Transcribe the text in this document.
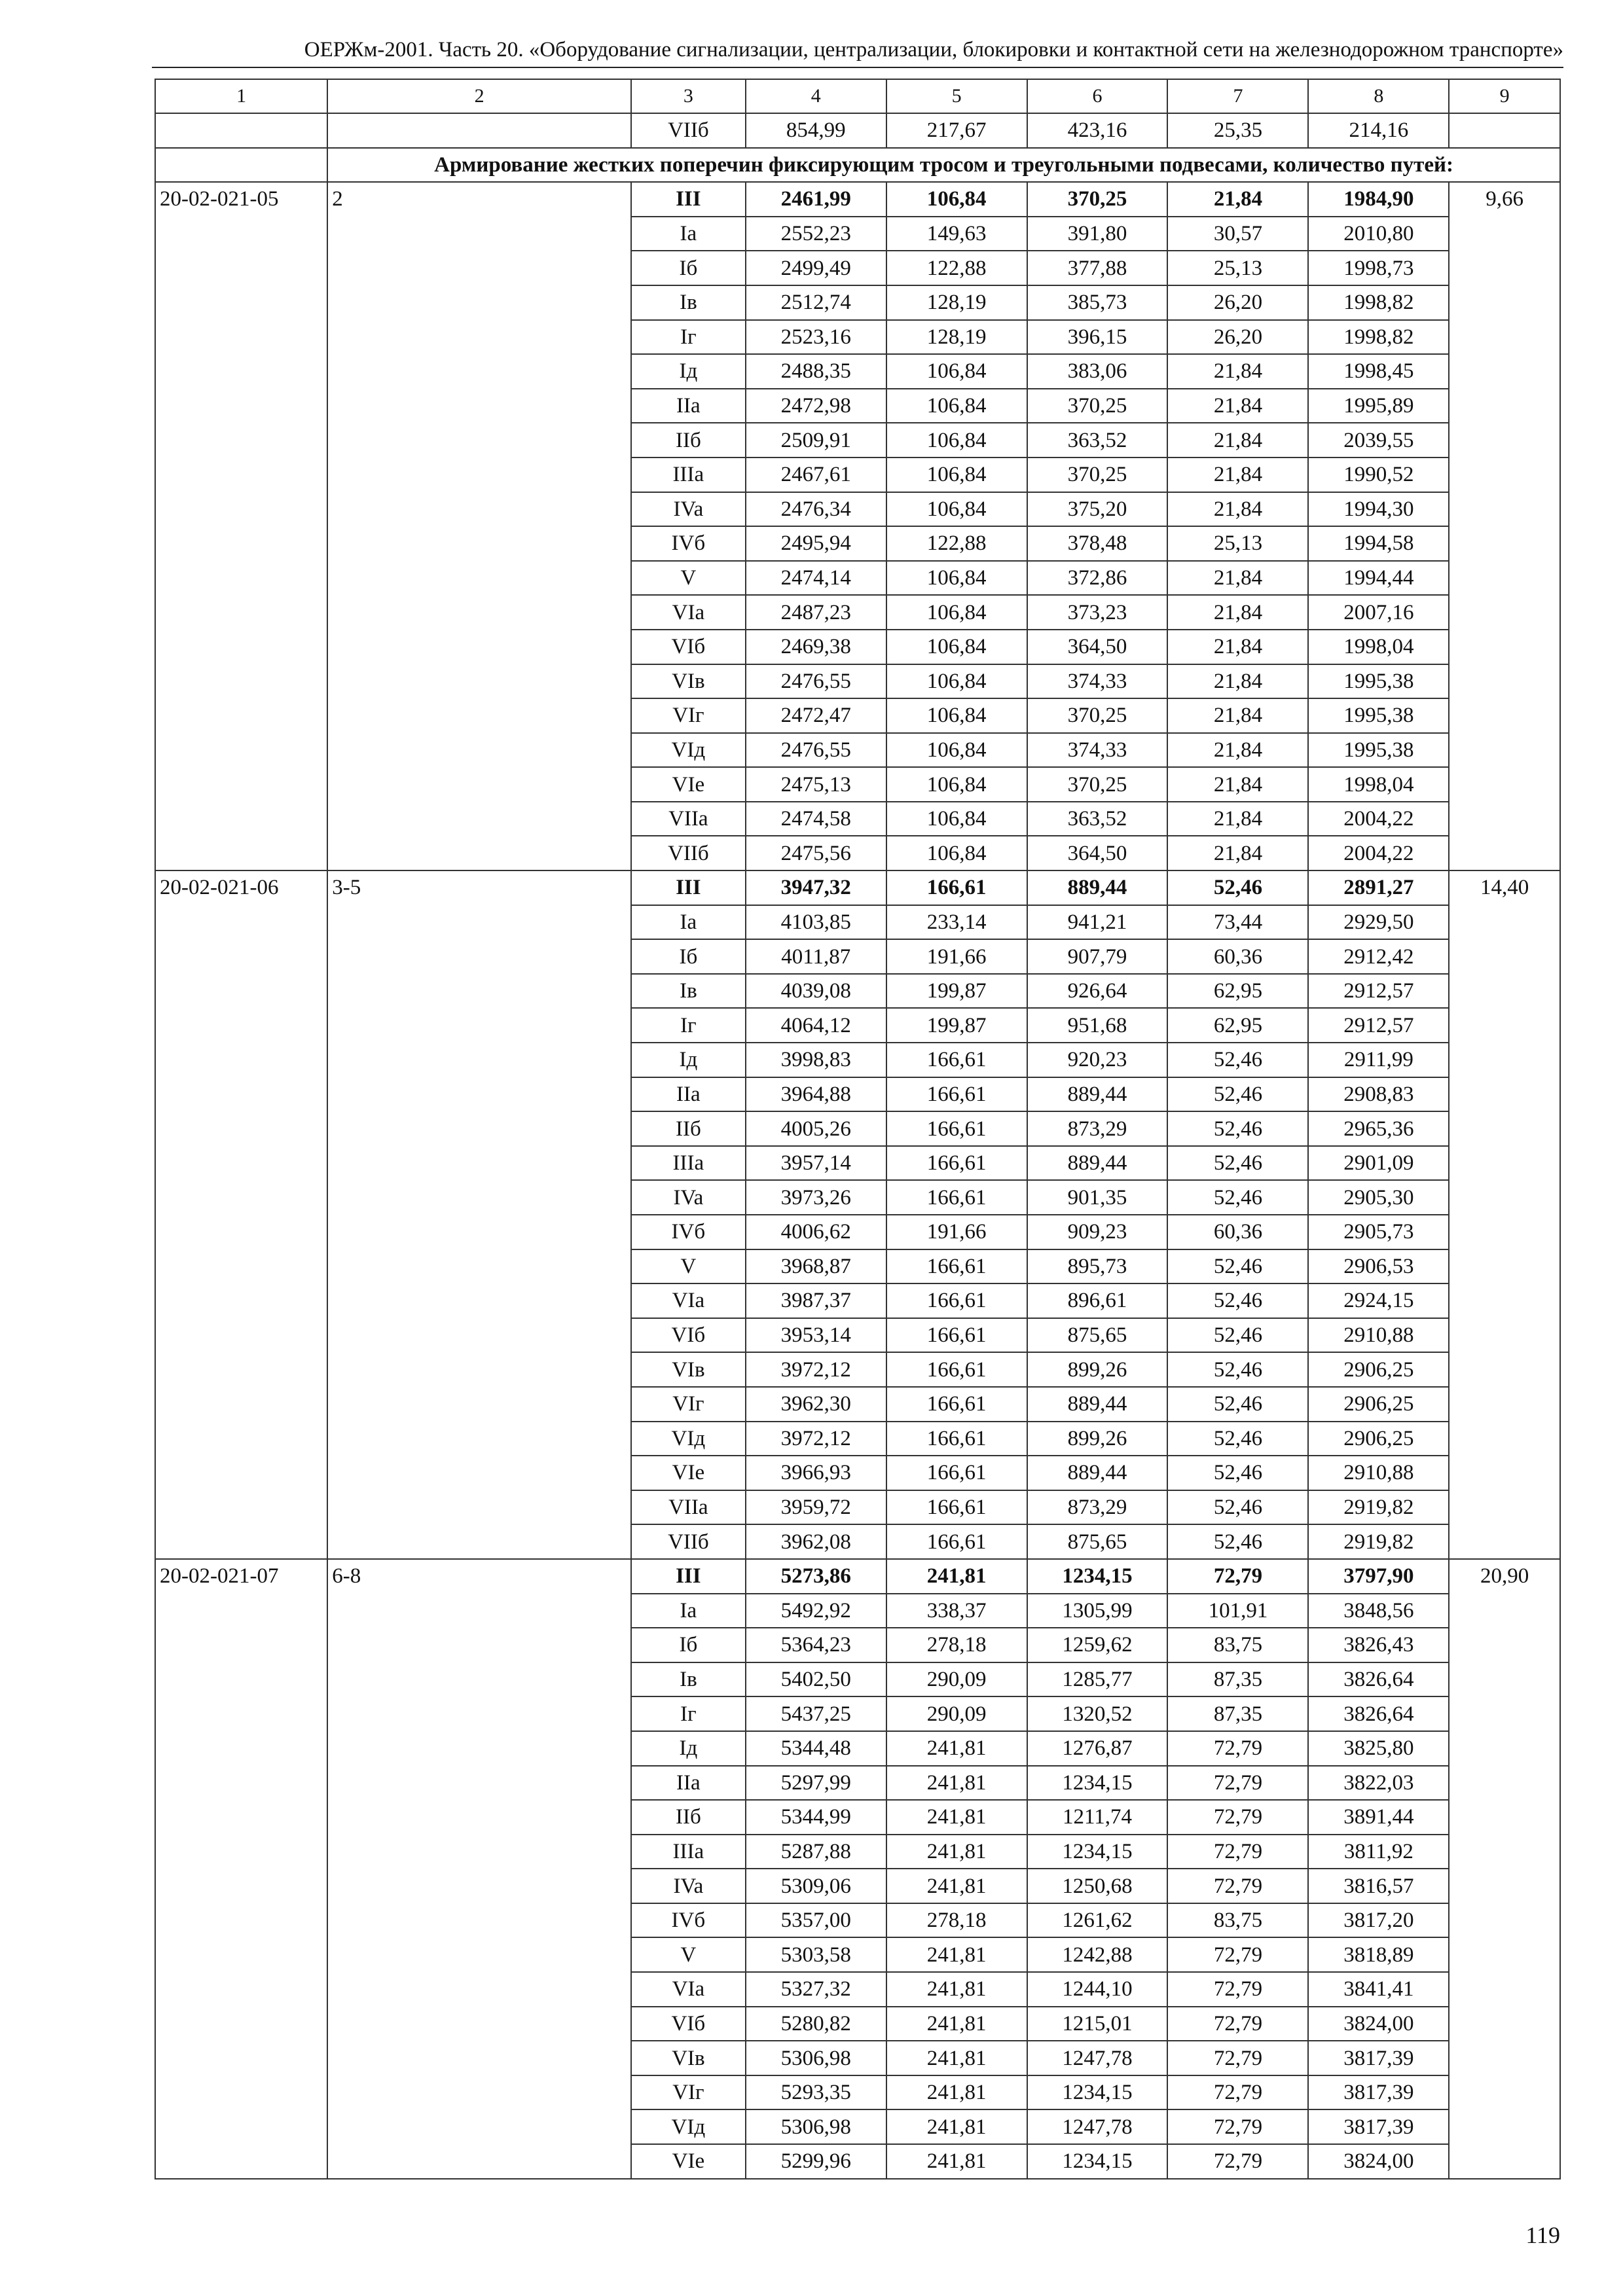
ОЕРЖм-2001. Часть 20. «Оборудование сигнализации, централизации, блокировки и контактной сети на железнодорожном транспорте»
1	2	3	4	5	6	7	8	9
		VIIб	854,99	217,67	423,16	25,35	214,16	
	Армирование жестких поперечин фиксирующим тросом и треугольными подвесами, количество путей:							
20-02-021-05	2	III	2461,99	106,84	370,25	21,84	1984,90	9,66
		Ia	2552,23	149,63	391,80	30,57	2010,80	
		Iб	2499,49	122,88	377,88	25,13	1998,73	
		Iв	2512,74	128,19	385,73	26,20	1998,82	
		Iг	2523,16	128,19	396,15	26,20	1998,82	
		Iд	2488,35	106,84	383,06	21,84	1998,45	
		IIa	2472,98	106,84	370,25	21,84	1995,89	
		IIб	2509,91	106,84	363,52	21,84	2039,55	
		IIIa	2467,61	106,84	370,25	21,84	1990,52	
		IVa	2476,34	106,84	375,20	21,84	1994,30	
		IVб	2495,94	122,88	378,48	25,13	1994,58	
		V	2474,14	106,84	372,86	21,84	1994,44	
		VIa	2487,23	106,84	373,23	21,84	2007,16	
		VIб	2469,38	106,84	364,50	21,84	1998,04	
		VIв	2476,55	106,84	374,33	21,84	1995,38	
		VIг	2472,47	106,84	370,25	21,84	1995,38	
		VIд	2476,55	106,84	374,33	21,84	1995,38	
		VIe	2475,13	106,84	370,25	21,84	1998,04	
		VIIa	2474,58	106,84	363,52	21,84	2004,22	
		VIIб	2475,56	106,84	364,50	21,84	2004,22	
20-02-021-06	3-5	III	3947,32	166,61	889,44	52,46	2891,27	14,40
		Ia	4103,85	233,14	941,21	73,44	2929,50	
		Iб	4011,87	191,66	907,79	60,36	2912,42	
		Iв	4039,08	199,87	926,64	62,95	2912,57	
		Iг	4064,12	199,87	951,68	62,95	2912,57	
		Iд	3998,83	166,61	920,23	52,46	2911,99	
		IIa	3964,88	166,61	889,44	52,46	2908,83	
		IIб	4005,26	166,61	873,29	52,46	2965,36	
		IIIa	3957,14	166,61	889,44	52,46	2901,09	
		IVa	3973,26	166,61	901,35	52,46	2905,30	
		IVб	4006,62	191,66	909,23	60,36	2905,73	
		V	3968,87	166,61	895,73	52,46	2906,53	
		VIa	3987,37	166,61	896,61	52,46	2924,15	
		VIб	3953,14	166,61	875,65	52,46	2910,88	
		VIв	3972,12	166,61	899,26	52,46	2906,25	
		VIг	3962,30	166,61	889,44	52,46	2906,25	
		VIд	3972,12	166,61	899,26	52,46	2906,25	
		VIe	3966,93	166,61	889,44	52,46	2910,88	
		VIIa	3959,72	166,61	873,29	52,46	2919,82	
		VIIб	3962,08	166,61	875,65	52,46	2919,82	
20-02-021-07	6-8	III	5273,86	241,81	1234,15	72,79	3797,90	20,90
		Ia	5492,92	338,37	1305,99	101,91	3848,56	
		Iб	5364,23	278,18	1259,62	83,75	3826,43	
		Iв	5402,50	290,09	1285,77	87,35	3826,64	
		Iг	5437,25	290,09	1320,52	87,35	3826,64	
		Iд	5344,48	241,81	1276,87	72,79	3825,80	
		IIa	5297,99	241,81	1234,15	72,79	3822,03	
		IIб	5344,99	241,81	1211,74	72,79	3891,44	
		IIIa	5287,88	241,81	1234,15	72,79	3811,92	
		IVa	5309,06	241,81	1250,68	72,79	3816,57	
		IVб	5357,00	278,18	1261,62	83,75	3817,20	
		V	5303,58	241,81	1242,88	72,79	3818,89	
		VIa	5327,32	241,81	1244,10	72,79	3841,41	
		VIб	5280,82	241,81	1215,01	72,79	3824,00	
		VIв	5306,98	241,81	1247,78	72,79	3817,39	
		VIг	5293,35	241,81	1234,15	72,79	3817,39	
		VIд	5306,98	241,81	1247,78	72,79	3817,39	
		VIe	5299,96	241,81	1234,15	72,79	3824,00	
119
